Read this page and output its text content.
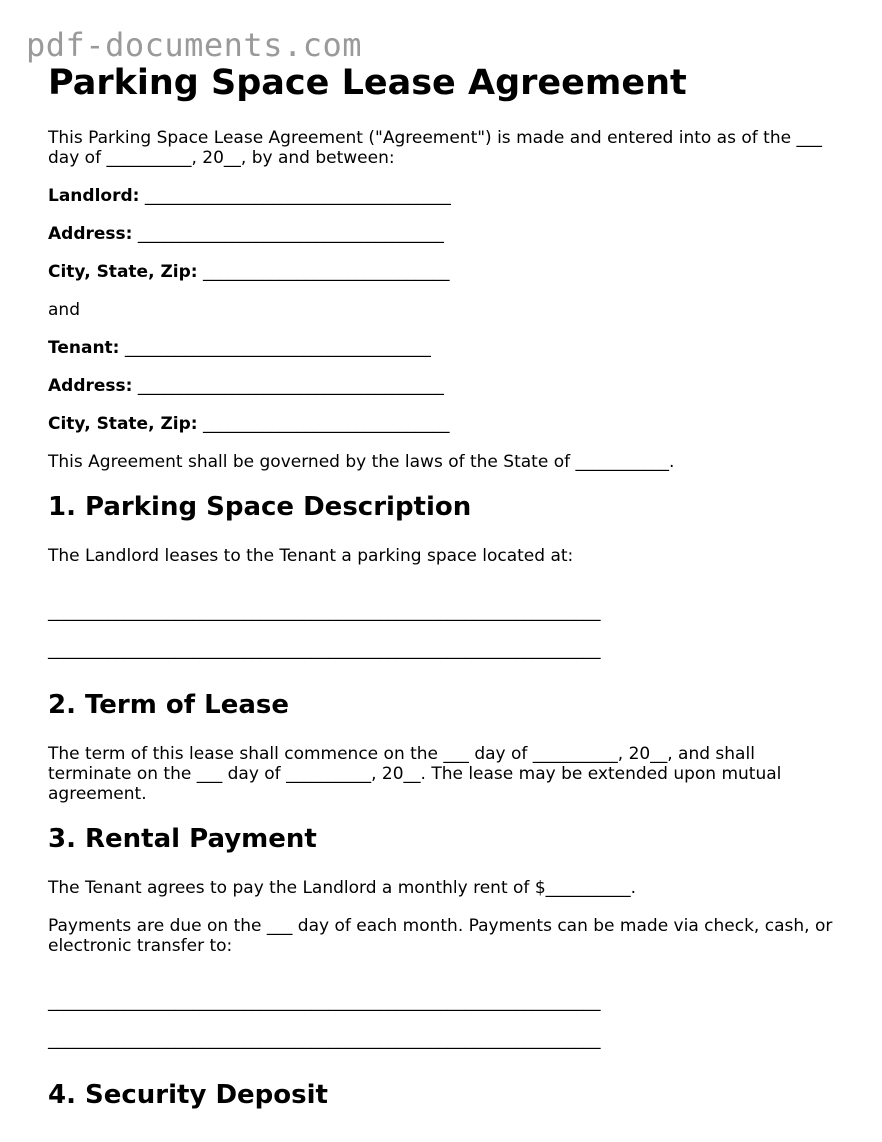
pdf-documents.com
Parking Space Lease Agreement

This Parking Space Lease Agreement ("Agreement") is made and entered into as of the ___ day of __________, 20__, by and between:

Landlord: ____________________________________
Address: ____________________________________
City, State, Zip: _____________________________

and

Tenant: ____________________________________
Address: ____________________________________
City, State, Zip: _____________________________

This Agreement shall be governed by the laws of the State of ___________.

1. Parking Space Description

The Landlord leases to the Tenant a parking space located at:

_________________________________________________________________
_________________________________________________________________
2. Term of Lease

The term of this lease shall commence on the ___ day of __________, 20__, and shall terminate on the ___ day of __________, 20__. The lease may be extended upon mutual agreement.

3. Rental Payment

The Tenant agrees to pay the Landlord a monthly rent of $__________.

Payments are due on the ___ day of each month. Payments can be made via check, cash, or electronic transfer to:

_________________________________________________________________
_________________________________________________________________
4. Security Deposit
